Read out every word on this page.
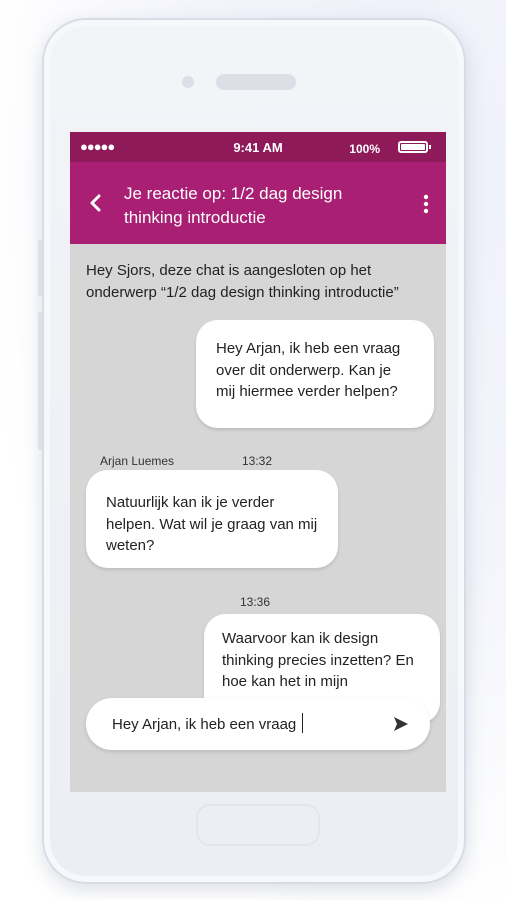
●●●●●	9:41 AM	100%
Je reactie op: 1/2 dag design thinking introductie
Hey Sjors, deze chat is aangesloten op het onderwerp “1/2 dag design thinking introductie”
Hey Arjan, ik heb een vraag over dit onderwerp. Kan je mij hiermee verder helpen?
Arjan Luemes	13:32
Natuurlijk kan ik je verder helpen. Wat wil je graag van mij weten?
13:36
Waarvoor kan ik design thinking precies inzetten? En hoe kan het in mijn
Hey Arjan, ik heb een vraag
